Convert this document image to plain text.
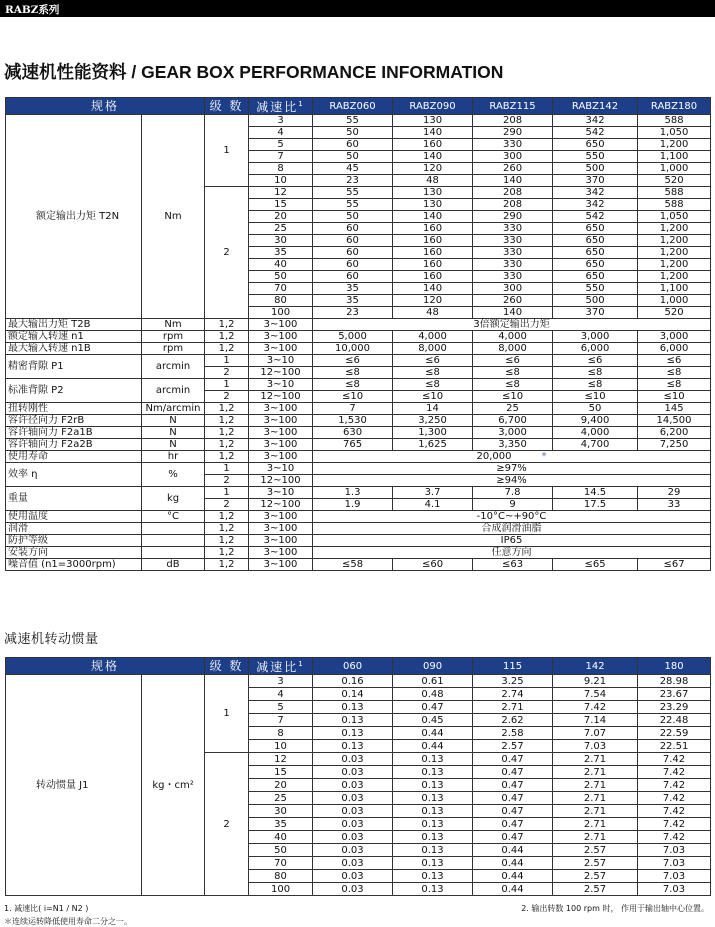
RABZ系列
减速机性能资料 / GEAR BOX PERFORMANCE INFORMATION
规格		级 数	减速比$^1$	RABZ060	RABZ090	RABZ115	RABZ142	RABZ180
额定输出力矩 T2N	Nm	1	3	55	130	208	342	588
			4	50	140	290	542	1,050
			5	60	160	330	650	1,200
			7	50	140	300	550	1,100
			8	45	120	260	500	1,000
			10	23	48	140	370	520
		2	12	55	130	208	342	588
			15	55	130	208	342	588
			20	50	140	290	542	1,050
			25	60	160	330	650	1,200
			30	60	160	330	650	1,200
			35	60	160	330	650	1,200
			40	60	160	330	650	1,200
			50	60	160	330	650	1,200
			70	35	140	300	550	1,100
			80	35	120	260	500	1,000
			100	23	48	140	370	520
最大输出力矩 T2B	Nm	1,2	3~100	3倍额定输出力矩				
额定输入转速 n1	rpm	1,2	3~100	5,000	4,000	4,000	3,000	3,000
最大输入转速 n1B	rpm	1,2	3~100	10,000	8,000	8,000	6,000	6,000
精密背隙 P1	arcmin	1	3~10	≤6	≤6	≤6	≤6	≤6
		2	12~100	≤8	≤8	≤8	≤8	≤8
标准背隙 P2	arcmin	1	3~10	≤8	≤8	≤8	≤8	≤8
		2	12~100	≤10	≤10	≤10	≤10	≤10
扭转刚性	Nm/arcmin	1,2	3~100	7	14	25	50	145
容许径向力 F2rB	N	1,2	3~100	1,530	3,250	6,700	9,400	14,500
容许轴向力 F2a1B	N	1,2	3~100	630	1,300	3,000	4,000	6,200
容许轴向力 F2a2B	N	1,2	3~100	765	1,625	3,350	4,700	7,250
使用寿命	hr	1,2	3~100	20,000 *				
效率 η	%	1	3~10	≥97%				
		2	12~100	≥94%				
重量	kg	1	3~10	1.3	3.7	7.8	14.5	29
		2	12~100	1.9	4.1	9	17.5	33
使用温度	°C	1,2	3~100	-10°C~+90°C				
润滑		1,2	3~100	合成润滑油脂				
防护等级		1,2	3~100	IP65				
安装方向		1,2	3~100	任意方向				
噪音值 (n1=3000rpm)	dB	1,2	3~100	≤58	≤60	≤63	≤65	≤67
减速机转动惯量
规格		级 数	减速比$^1$	060	090	115	142	180
转动惯量 J1	kg・cm²	1	3	0.16	0.61	3.25	9.21	28.98
			4	0.14	0.48	2.74	7.54	23.67
			5	0.13	0.47	2.71	7.42	23.29
			7	0.13	0.45	2.62	7.14	22.48
			8	0.13	0.44	2.58	7.07	22.59
			10	0.13	0.44	2.57	7.03	22.51
		2	12	0.03	0.13	0.47	2.71	7.42
			15	0.03	0.13	0.47	2.71	7.42
			20	0.03	0.13	0.47	2.71	7.42
			25	0.03	0.13	0.47	2.71	7.42
			30	0.03	0.13	0.47	2.71	7.42
			35	0.03	0.13	0.47	2.71	7.42
			40	0.03	0.13	0.47	2.71	7.42
			50	0.03	0.13	0.44	2.57	7.03
			70	0.03	0.13	0.44	2.57	7.03
			80	0.03	0.13	0.44	2.57	7.03
			100	0.03	0.13	0.44	2.57	7.03
1. 减速比( i=N1 / N2 )
＊连续运转降低使用寿命二分之一。
2. 输出转数 100 rpm 时， 作用于输出轴中心位置。
